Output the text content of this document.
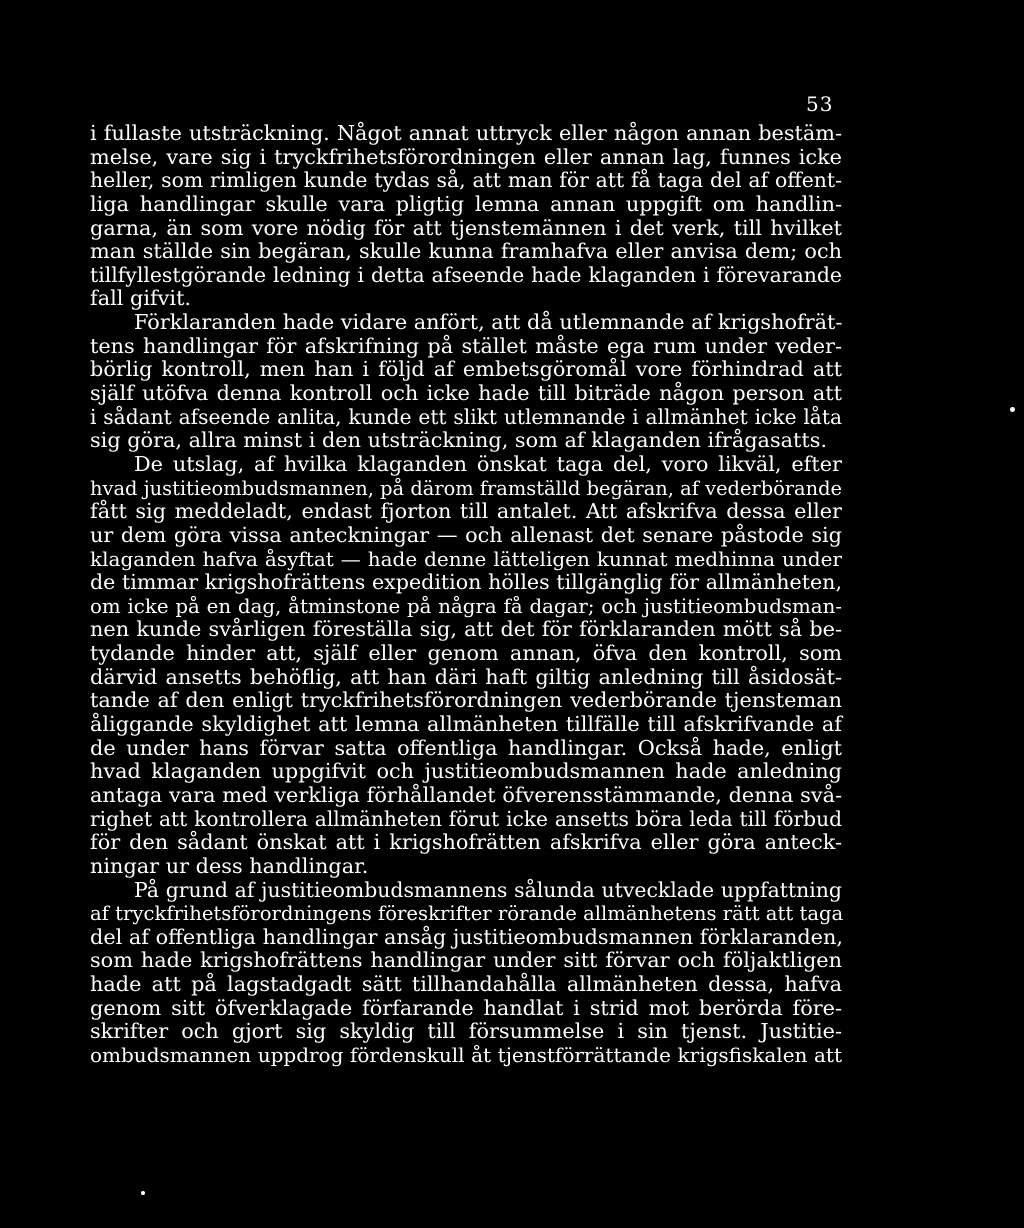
53
i fullaste utsträckning. Något annat uttryck eller någon annan bestäm-
melse, vare sig i tryckfrihetsförordningen eller annan lag, funnes icke
heller, som rimligen kunde tydas så, att man för att få taga del af offent-
liga handlingar skulle vara pligtig lemna annan uppgift om handlin-
garna, än som vore nödig för att tjenstemännen i det verk, till hvilket
man ställde sin begäran, skulle kunna framhafva eller anvisa dem; och
tillfyllestgörande ledning i detta afseende hade klaganden i förevarande
fall gifvit.
Förklaranden hade vidare anfört, att då utlemnande af krigshofrät-
tens handlingar för afskrifning på stället måste ega rum under veder-
börlig kontroll, men han i följd af embetsgöromål vore förhindrad att
själf utöfva denna kontroll och icke hade till biträde någon person att
i sådant afseende anlita, kunde ett slikt utlemnande i allmänhet icke låta
sig göra, allra minst i den utsträckning, som af klaganden ifrågasatts.
De utslag, af hvilka klaganden önskat taga del, voro likväl, efter
hvad justitieombudsmannen, på därom framställd begäran, af vederbörande
fått sig meddeladt, endast fjorton till antalet. Att afskrifva dessa eller
ur dem göra vissa anteckningar — och allenast det senare påstode sig
klaganden hafva åsyftat — hade denne lätteligen kunnat medhinna under
de timmar krigshofrättens expedition hölles tillgänglig för allmänheten,
om icke på en dag, åtminstone på några få dagar; och justitieombudsman-
nen kunde svårligen föreställa sig, att det för förklaranden mött så be-
tydande hinder att, själf eller genom annan, öfva den kontroll, som
därvid ansetts behöflig, att han däri haft giltig anledning till åsidosät-
tande af den enligt tryckfrihetsförordningen vederbörande tjensteman
åliggande skyldighet att lemna allmänheten tillfälle till afskrifvande af
de under hans förvar satta offentliga handlingar. Också hade, enligt
hvad klaganden uppgifvit och justitieombudsmannen hade anledning
antaga vara med verkliga förhållandet öfverensstämmande, denna svå-
righet att kontrollera allmänheten förut icke ansetts böra leda till förbud
för den sådant önskat att i krigshofrätten afskrifva eller göra anteck-
ningar ur dess handlingar.
På grund af justitieombudsmannens sålunda utvecklade uppfattning
af tryckfrihetsförordningens föreskrifter rörande allmänhetens rätt att taga
del af offentliga handlingar ansåg justitieombudsmannen förklaranden,
som hade krigshofrättens handlingar under sitt förvar och följaktligen
hade att på lagstadgadt sätt tillhandahålla allmänheten dessa, hafva
genom sitt öfverklagade förfarande handlat i strid mot berörda före-
skrifter och gjort sig skyldig till försummelse i sin tjenst. Justitie-
ombudsmannen uppdrog fördenskull åt tjenstförrättande krigsfiskalen att
